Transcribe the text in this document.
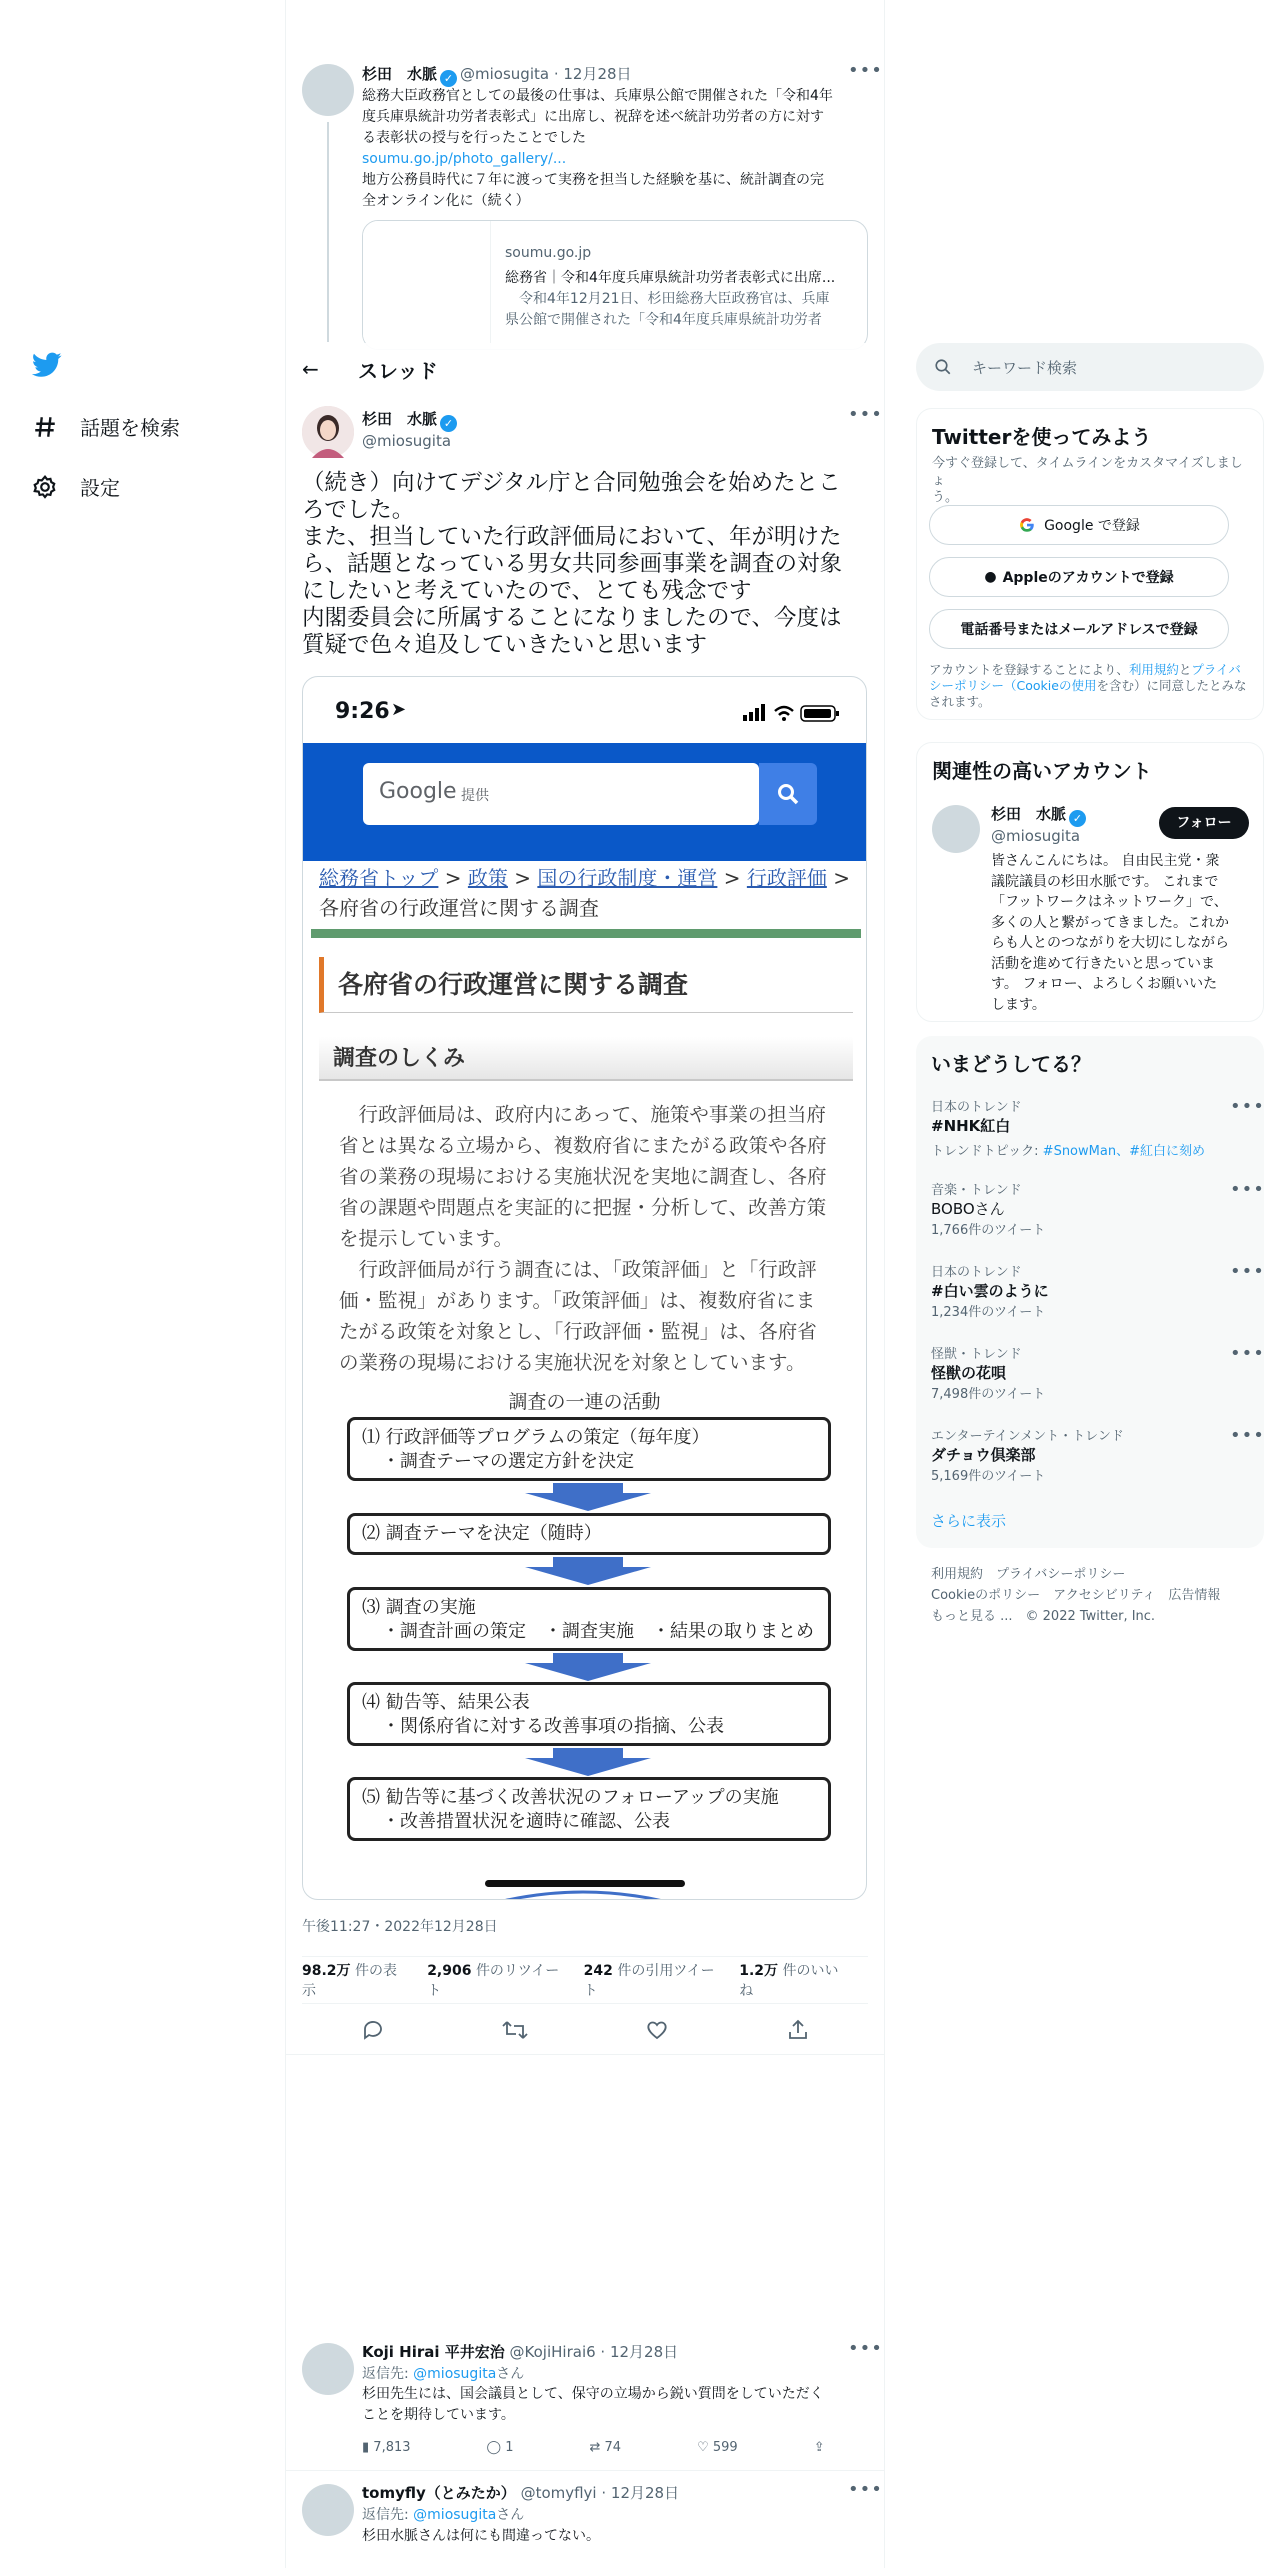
話題を検索
設定
杉田　水脈 ✓ @miosugita · 12月28日	•••
総務大臣政務官としての最後の仕事は、兵庫県公館で開催された「令和4年
度兵庫県統計功労者表彰式」に出席し、祝辞を述べ統計功労者の方に対す
る表彰状の授与を行ったことでした
soumu.go.jp/photo_gallery/...
地方公務員時代に７年に渡って実務を担当した経験を基に、統計調査の完
全オンライン化に（続く）
soumu.go.jp
総務省｜令和4年度兵庫県統計功労者表彰式に出席...
令和4年12月21日、杉田総務大臣政務官は、兵庫
県公館で開催された「令和4年度兵庫県統計功労者
← スレッド
杉田　水脈 ✓
@miosugita
•••
（続き）向けてデジタル庁と合同勉強会を始めたとこ
ろでした。
また、担当していた行政評価局において、年が明けた
ら、話題となっている男女共同参画事業を調査の対象
にしたいと考えていたので、とても残念です
内閣委員会に所属することになりましたので、今度は
質疑で色々追及していきたいと思います
9:26 ➤
Google 提供
総務省トップ > 政策 > 国の行政制度・運営 > 行政評価 >
各府省の行政運営に関する調査
各府省の行政運営に関する調査
調査のしくみ
行政評価局は、政府内にあって、施策や事業の担当府
省とは異なる立場から、複数府省にまたがる政策や各府
省の業務の現場における実施状況を実地に調査し、各府
省の課題や問題点を実証的に把握・分析して、改善方策
を提示しています。
行政評価局が行う調査には、「政策評価」と「行政評
価・監視」があります。「政策評価」は、複数府省にま
たがる政策を対象とし、「行政評価・監視」は、各府省
の業務の現場における実施状況を対象としています。
調査の一連の活動
⑴ 行政評価等プログラムの策定（毎年度）
・調査テーマの選定方針を決定
⑵ 調査テーマを決定（随時）
⑶ 調査の実施
・調査計画の策定　・調査実施　・結果の取りまとめ
⑷ 勧告等、結果公表
・関係府省に対する改善事項の指摘、公表
⑸ 勧告等に基づく改善状況のフォローアップの実施
・改善措置状況を適時に確認、公表
午後11:27・2022年12月28日
98.2万 件の表示
2,906 件のリツイート
242 件の引用ツイート
1.2万 件のいいね
Koji Hirai 平井宏治 @KojiHirai6 · 12月28日	•••
返信先: @miosugitaさん
杉田先生には、国会議員として、保守の立場から鋭い質問をしていただく
ことを期待しています。
▮ 7,813	◯ 1	⇄ 74	♡ 599	⇪
tomyfly（とみたか） @tomyflyi · 12月28日	•••
返信先: @miosugitaさん
杉田水脈さんは何にも間違ってない。
キーワード検索
Twitterを使ってみよう
今すぐ登録して、タイムラインをカスタマイズしましょ
う。
Google で登録
● Appleのアカウントで登録
電話番号またはメールアドレスで登録
アカウントを登録することにより、利用規約とプライバシーポリシー（Cookieの使用を含む）に同意したとみなされます。
関連性の高いアカウント
杉田　水脈 ✓
@miosugita
フォロー
皆さんこんにちは。 自由民主党・衆
議院議員の杉田水脈です。 これまで
「フットワークはネットワーク」で、
多くの人と繋がってきました。これか
らも人とのつながりを大切にしながら
活動を進めて行きたいと思っていま
す。 フォロー、よろしくお願いいた
します。
いまどうしてる？
日本のトレンド
#NHK紅白
トレンドトピック: #SnowMan、#紅白に刻め
•••
音楽・トレンド
BOBOさん
1,766件のツイート
•••
日本のトレンド
#白い雲のように
1,234件のツイート
•••
怪獣・トレンド
怪獣の花唄
7,498件のツイート
•••
エンターテインメント・トレンド
ダチョウ倶楽部
5,169件のツイート
•••
さらに表示
利用規約　プライバシーポリシー
Cookieのポリシー　アクセシビリティ　広告情報
もっと見る ...　© 2022 Twitter, Inc.
